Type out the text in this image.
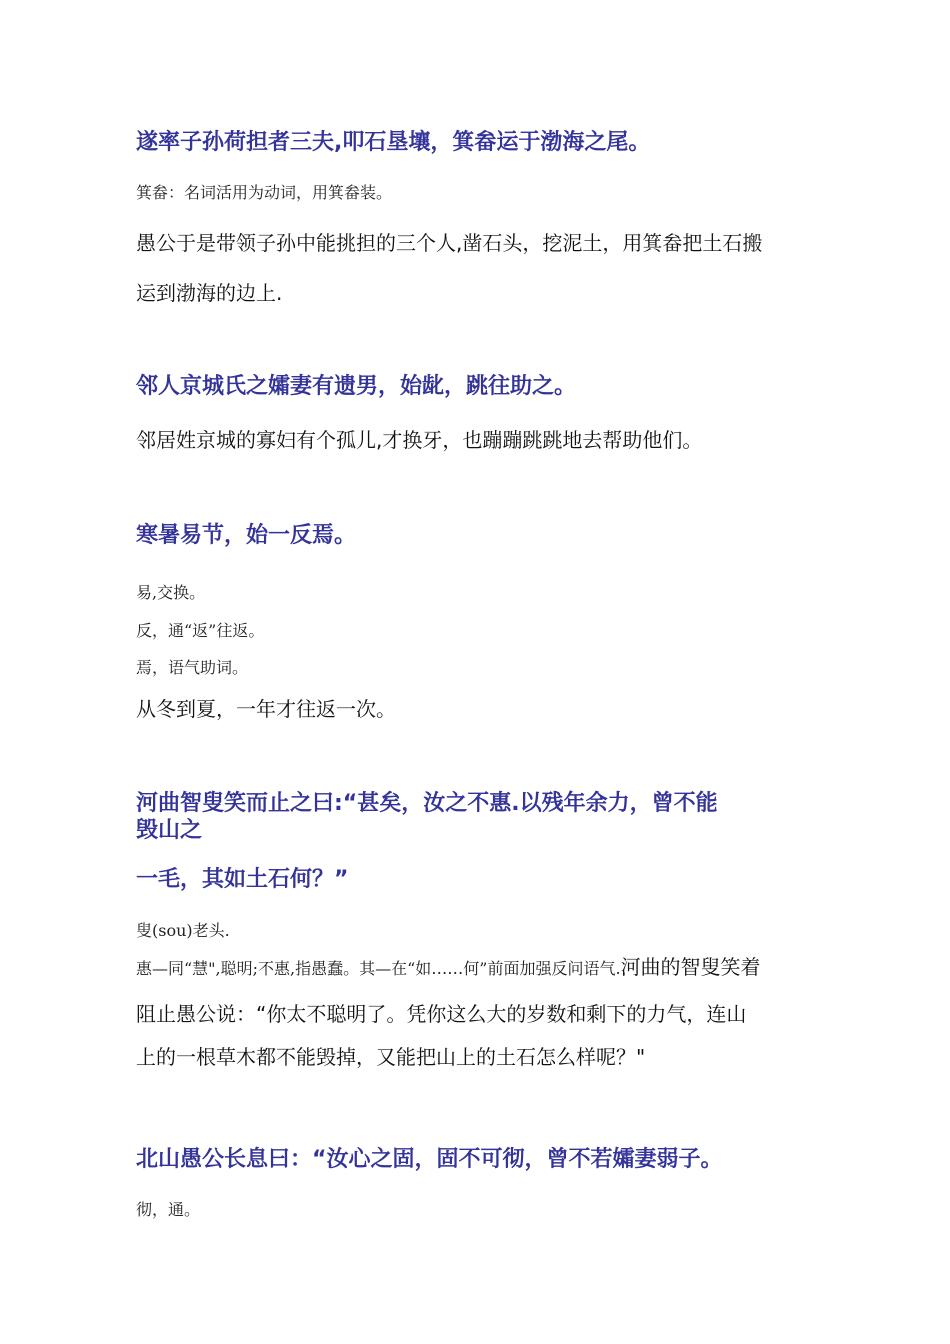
遂率子孙荷担者三夫,叩石垦壤，箕畚运于渤海之尾。
箕畚：名词活用为动词，用箕畚装。
愚公于是带领子孙中能挑担的三个人,凿石头，挖泥土，用箕畚把土石搬
运到渤海的边上.
邻人京城氏之孀妻有遗男，始龀，跳往助之。
邻居姓京城的寡妇有个孤儿,才换牙，也蹦蹦跳跳地去帮助他们。
寒暑易节，始一反焉。
易,交换。
反，通“返”往返。
焉，语气助词。
从冬到夏，一年才往返一次。
河曲智叟笑而止之曰:“甚矣，汝之不惠.以残年余力，曾不能
毁山之
一毛，其如土石何？”
叟(sou)老头.
惠—同“慧",聪明;不惠,指愚蠢。其—在“如……何”前面加强反问语气.河曲的智叟笑着
阻止愚公说：“你太不聪明了。凭你这么大的岁数和剩下的力气，连山
上的一根草木都不能毁掉，又能把山上的土石怎么样呢？"
北山愚公长息曰：“汝心之固，固不可彻，曾不若孀妻弱子。
彻，通。
